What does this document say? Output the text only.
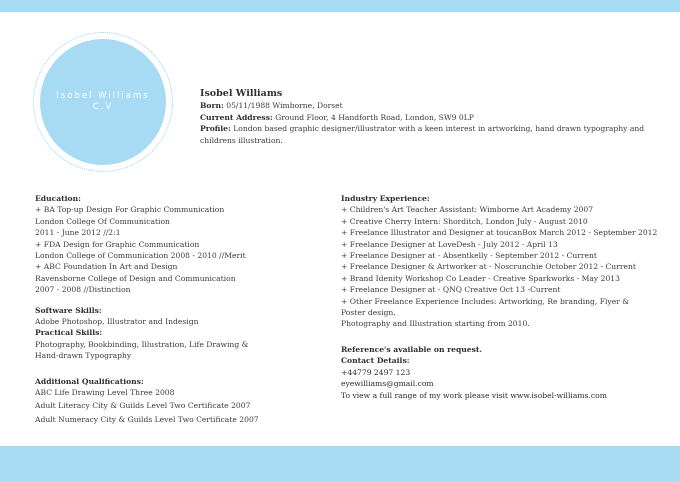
Isobel Williams
C.V
Isobel Williams
Born: 05/11/1988 Wimborne, Dorset
Current Address: Ground Floor, 4 Handforth Road, London, SW9 0LP
Profile: London based graphic designer/illustrator with a keen interest in artworking, hand drawn typography and childrens illustration.
Education:
+ BA Top-up Design For Graphic Communication
London College Of Communication
2011 - June 2012 //2:1
+ FDA Design for Graphic Communication
London College of Communication 2008 - 2010 //Merit
+ ABC Foundation In Art and Design
Ravensborne College of Design and Communication
2007 - 2008 //Distinction
Software Skills:
Adobe Photoshop, Illustrator and Indesign
Practical Skills:
Photography, Bookbinding, Illustration, Life Drawing & Hand-drawn Typography
Additional Qualifications:
ABC Life Drawing Level Three 2008
Adult Literacy City & Guilds Level Two Certificate 2007
Adult Numeracy City & Guilds Level Two Certificate 2007
Industry Experience:
+ Children's Art Teacher Assistant: Wimborne Art Academy 2007
+ Creative Cherry Intern: Shorditch, London July - August 2010
+ Freelance Illustrator and Designer at toucanBox March 2012 - September 2012
+ Freelance Designer at LoveDesh - July 2012 - April 13
+ Freelance Designer at - Absentkelly - September 2012 - Current
+ Freelance Designer & Artworker at - Noscrunchie October 2012 - Current
+ Brand Idenity Workshop Co Leader - Creative Sparkworks - May 2013
+ Freelance Designer at - QNQ Creative Oct 13 -Current
+ Other Freelance Experience Includes: Artworking, Re branding, Flyer & Poster design,
Photography and Illustration starting from 2010.
Reference's available on request.
Contact Details:
+44779 2497 123
eyewilliams@gmail.com
To view a full range of my work please visit www.isobel-williams.com
